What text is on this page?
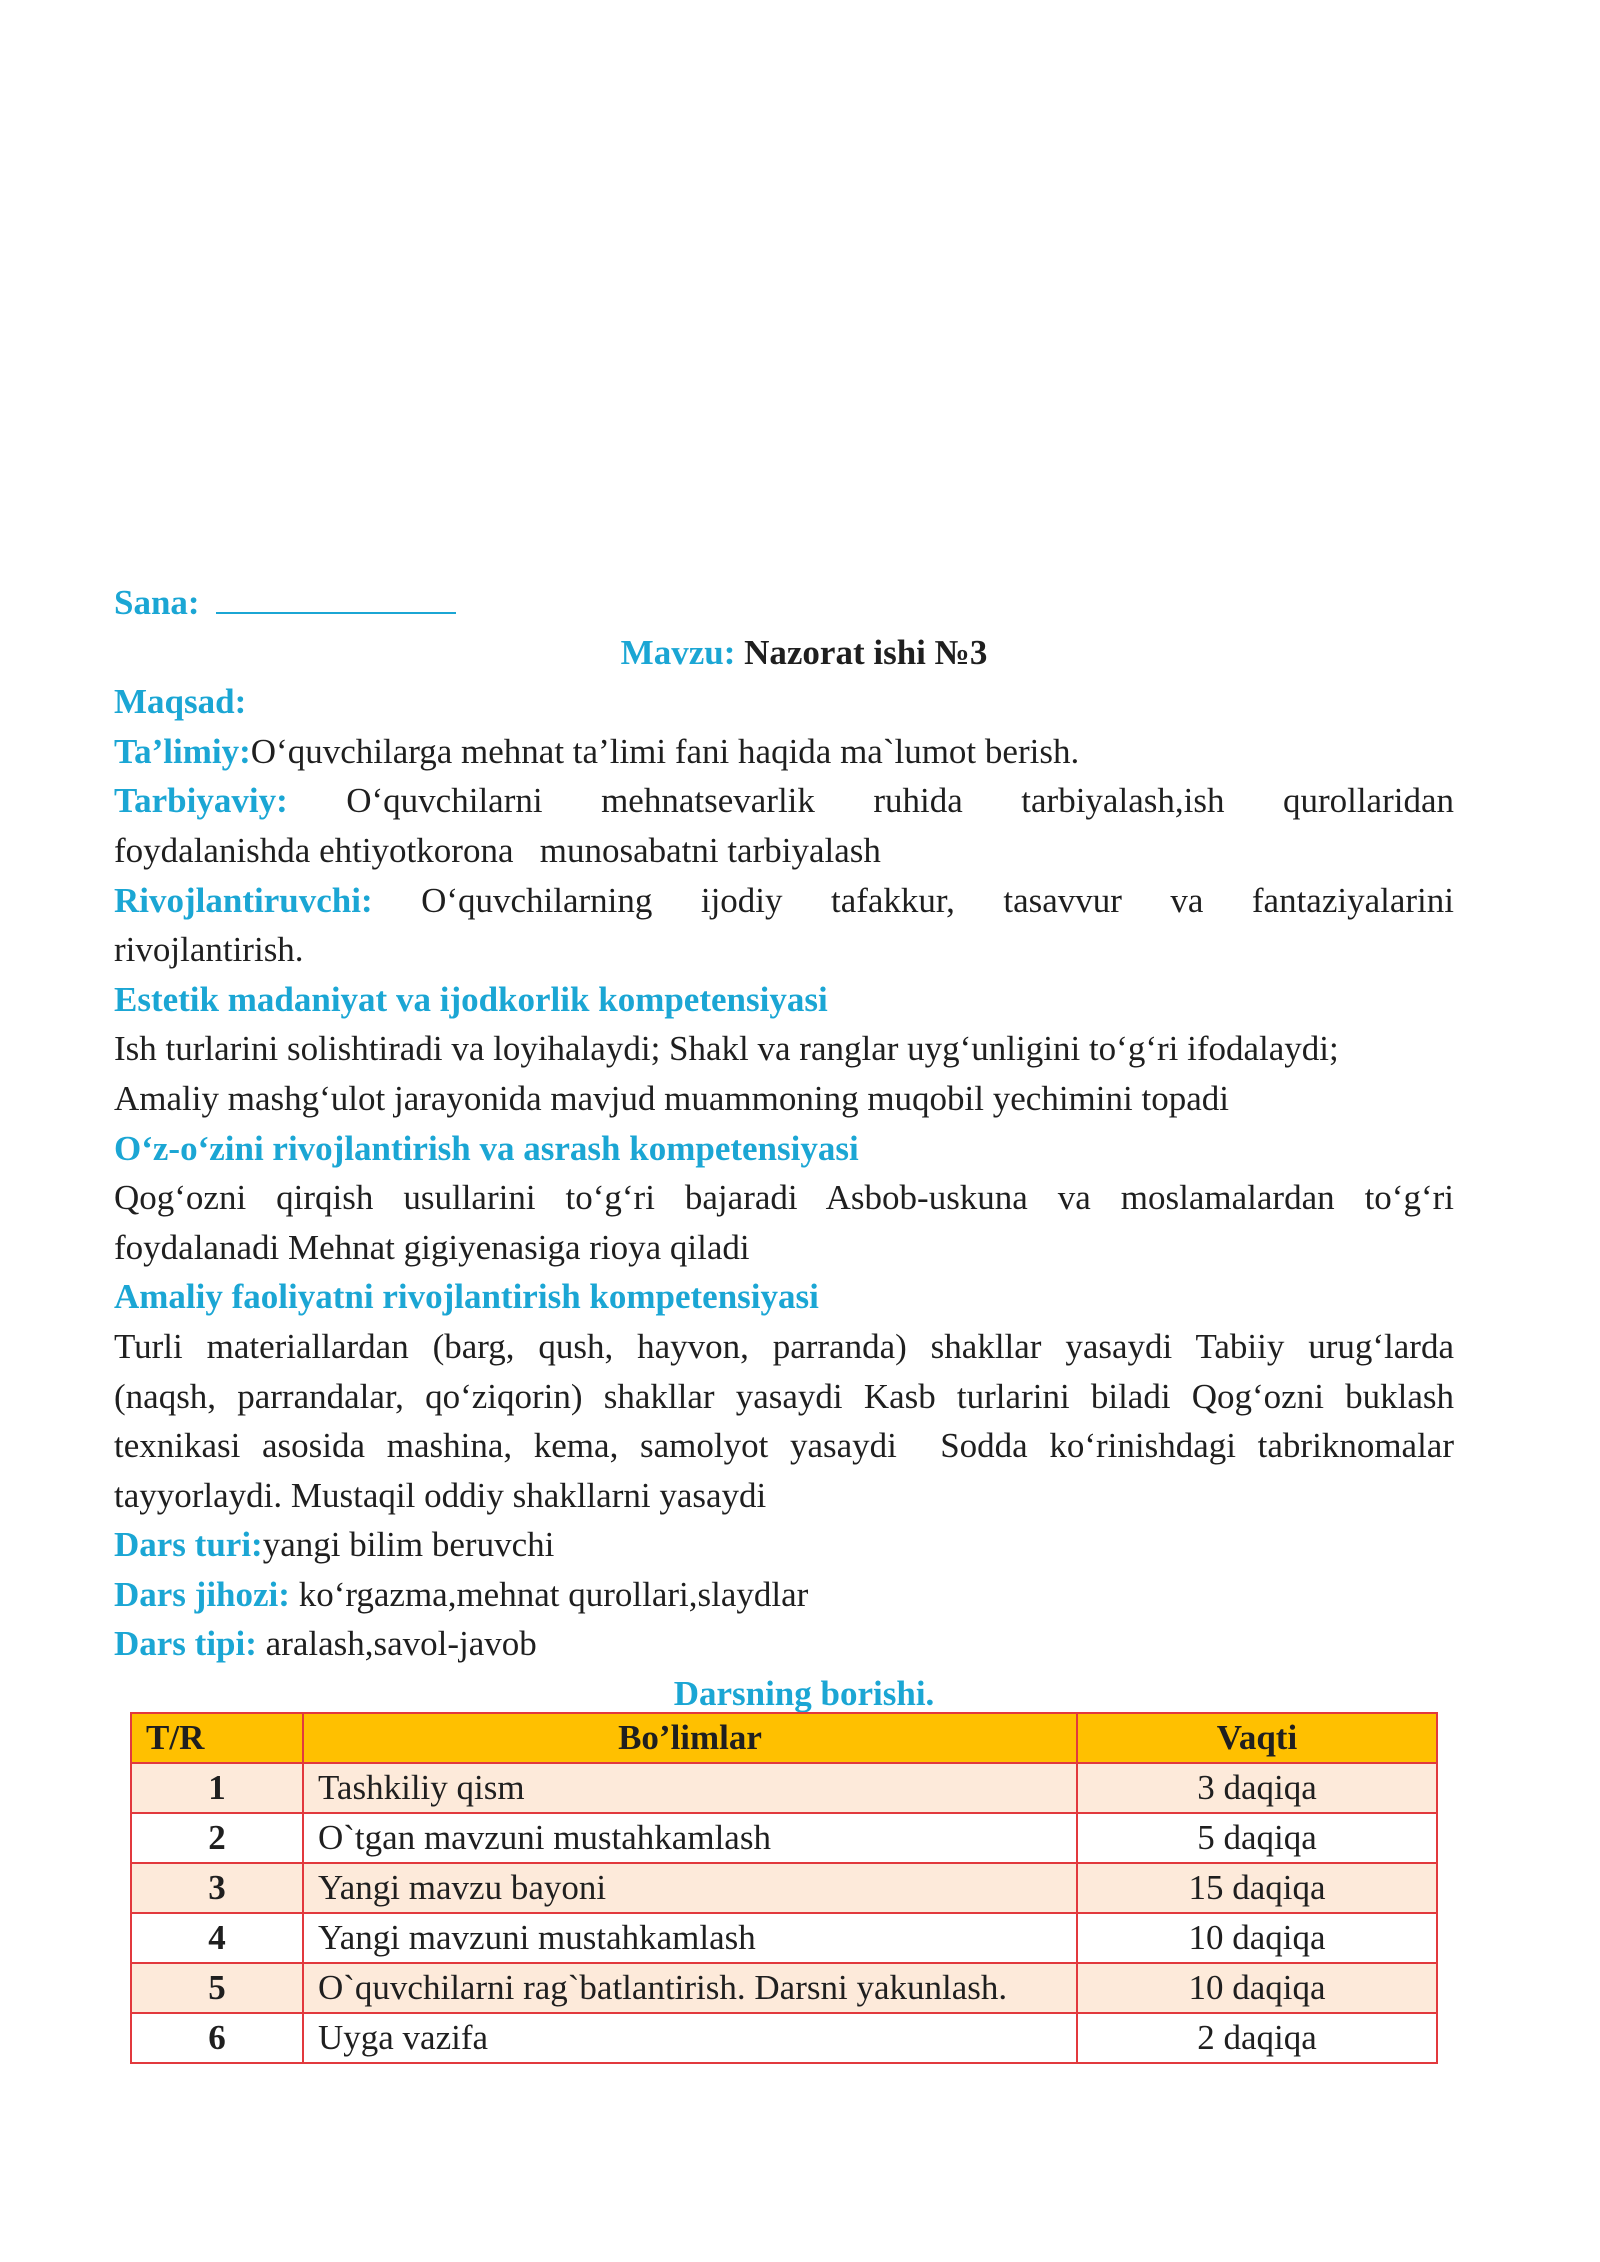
Sana:
Mavzu: Nazorat ishi №3
Maqsad:
Ta’limiy:O‘quvchilarga mehnat ta’limi fani haqida ma`lumot berish.
Tarbiyaviy: O‘quvchilarni mehnatsevarlik ruhida tarbiyalash,ish qurollaridan
foydalanishda ehtiyotkorona   munosabatni tarbiyalash
Rivojlantiruvchi: O‘quvchilarning ijodiy tafakkur, tasavvur va fantaziyalarini
rivojlantirish.
Estetik madaniyat va ijodkorlik kompetensiyasi
Ish turlarini solishtiradi va loyihalaydi; Shakl va ranglar uyg‘unligini to‘g‘ri ifodalaydi;
Amaliy mashg‘ulot jarayonida mavjud muammoning muqobil yechimini topadi
O‘z-o‘zini rivojlantirish va asrash kompetensiyasi
Qog‘ozni qirqish usullarini to‘g‘ri bajaradi Asbob-uskuna va moslamalardan to‘g‘ri
foydalanadi Mehnat gigiyenasiga rioya qiladi
Amaliy faoliyatni rivojlantirish kompetensiyasi
Turli materiallardan (barg, qush, hayvon, parranda) shakllar yasaydi Tabiiy urug‘larda
(naqsh, parrandalar, qo‘ziqorin) shakllar yasaydi Kasb turlarini biladi Qog‘ozni buklash
texnikasi asosida mashina, kema, samolyot yasaydi  Sodda ko‘rinishdagi tabriknomalar
tayyorlaydi. Mustaqil oddiy shakllarni yasaydi
Dars turi:yangi bilim beruvchi
Dars jihozi: ko‘rgazma,mehnat qurollari,slaydlar
Dars tipi: aralash,savol-javob
Darsning borishi.
T/R	Bo’limlar	Vaqti
1	Tashkiliy qism	3 daqiqa
2	O`tgan mavzuni mustahkamlash	5 daqiqa
3	Yangi mavzu bayoni	15 daqiqa
4	Yangi mavzuni mustahkamlash	10 daqiqa
5	O`quvchilarni rag`batlantirish. Darsni yakunlash.	10 daqiqa
6	Uyga vazifa	2 daqiqa
